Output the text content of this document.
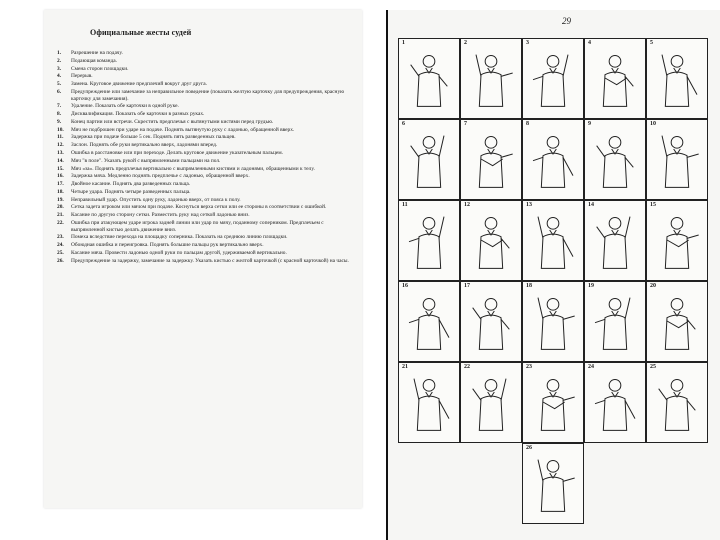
Официальные жесты судей
1.	Разрешение на подачу.
2.	Подающая команда.
3.	Смена сторон площадки.
4.	Перерыв.
5.	Замена. Круговое движение предплечий вокруг друг друга.
6.	Предупреждение или замечание за неправильное поведение (показать желтую карточку для предупреждения, красную карточку для замечания).
7.	Удаление. Показать обе карточки в одной руке.
8.	Дисквалификация. Показать обе карточки в разных руках.
9.	Конец партии или встречи. Скрестить предплечья с вытянутыми кистями перед грудью.
10.	Мяч не подброшен при ударе на подаче. Поднять вытянутую руку с ладонью, обращенной вверх.
11.	Задержка при подаче больше 5 сек. Поднять пять разведенных пальцев.
12.	Заслон. Поднять обе руки вертикально вверх, ладонями вперед.
13.	Ошибка в расстановке или при переходе. Делать круговое движение указательным пальцем.
14.	Мяч "в поле". Указать рукой с выпрямленными пальцами на пол.
15.	Мяч «за». Поднять предплечья вертикально с выпрямленными кистями и ладонями, обращенными к телу.
16.	Задержка мяча. Медленно поднять предплечье с ладонью, обращенной вверх.
17.	Двойное касание. Поднять два разведенных пальца.
18.	Четыре удара. Поднять четыре разведенных пальца.
19.	Неправильный удар. Опустить одну руку, ладонью вверх, от пояса к полу.
20.	Сетка задета игроком или мячом при подаче. Коснуться верха сетки или ее стороны в соответствии с ошибкой.
21.	Касание по другую сторону сетки. Разместить руку над сеткой ладонью вниз.
22.	Ошибка при атакующем ударе игрока задней линии или удар по мячу, поданному соперником. Предплечьем с выпрямленной кистью делать движение вниз.
23.	Помеха вследствие перехода на площадку соперника. Показать на среднюю линию площадки.
24.	Обоюдная ошибка и переигровка. Поднять большие пальцы рук вертикально вверх.
25.	Касание мяча. Провести ладонью одной руки по пальцам другой, удерживаемой вертикально.
26.	Предупреждение за задержку, замечание за задержку. Указать кистью с желтой карточкой (с красной карточкой) на часы.
29
1	2	3	4	5
6	7	8	9	10
11	12	13	14	15
16	17	18	19	20
21	22	23	24	25
26
